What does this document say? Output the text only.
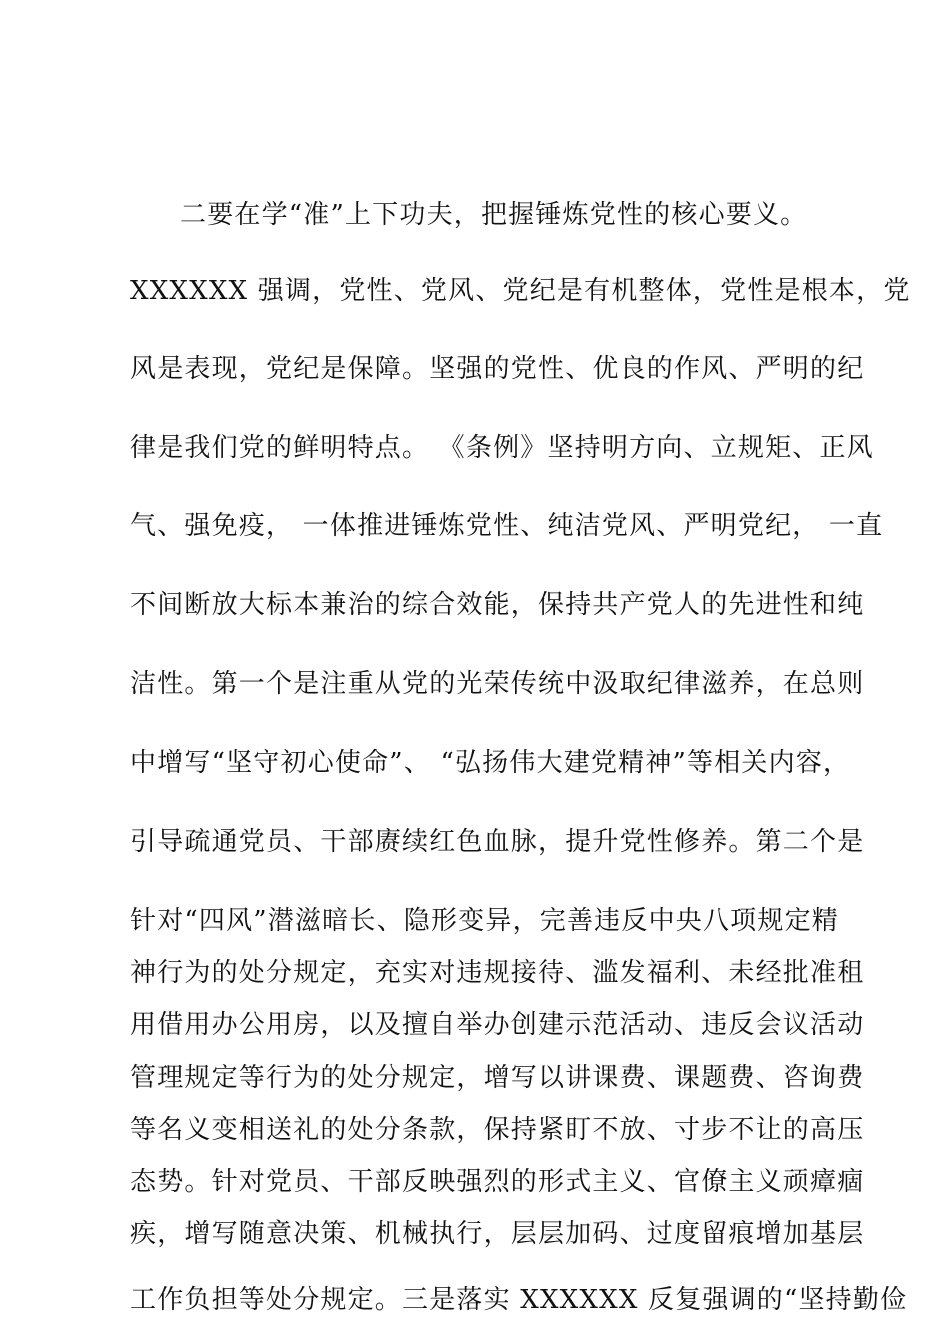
二要在学“准”上下功夫，把握锤炼党性的核心要义。
XXXXXX 强调，党性、党风、党纪是有机整体，党性是根本，党
风是表现，党纪是保障。坚强的党性、优良的作风、严明的纪
律是我们党的鲜明特点。 《条例》坚持明方向、立规矩、正风
气、强免疫， 一体推进锤炼党性、纯洁党风、严明党纪， 一直
不间断放大标本兼治的综合效能，保持共产党人的先进性和纯
洁性。第一个是注重从党的光荣传统中汲取纪律滋养，在总则
中增写“坚守初心使命”、 “弘扬伟大建党精神”等相关内容，
引导疏通党员、干部赓续红色血脉，提升党性修养。第二个是
针对“四风”潜滋暗长、隐形变异，完善违反中央八项规定精
神行为的处分规定，充实对违规接待、滥发福利、未经批准租
用借用办公用房，以及擅自举办创建示范活动、违反会议活动
管理规定等行为的处分规定，增写以讲课费、课题费、咨询费
等名义变相送礼的处分条款，保持紧盯不放、寸步不让的高压
态势。针对党员、干部反映强烈的形式主义、官僚主义顽瘴痼
疾，增写随意决策、机械执行，层层加码、过度留痕增加基层
工作负担等处分规定。三是落实 XXXXXX 反复强调的“坚持勤俭
